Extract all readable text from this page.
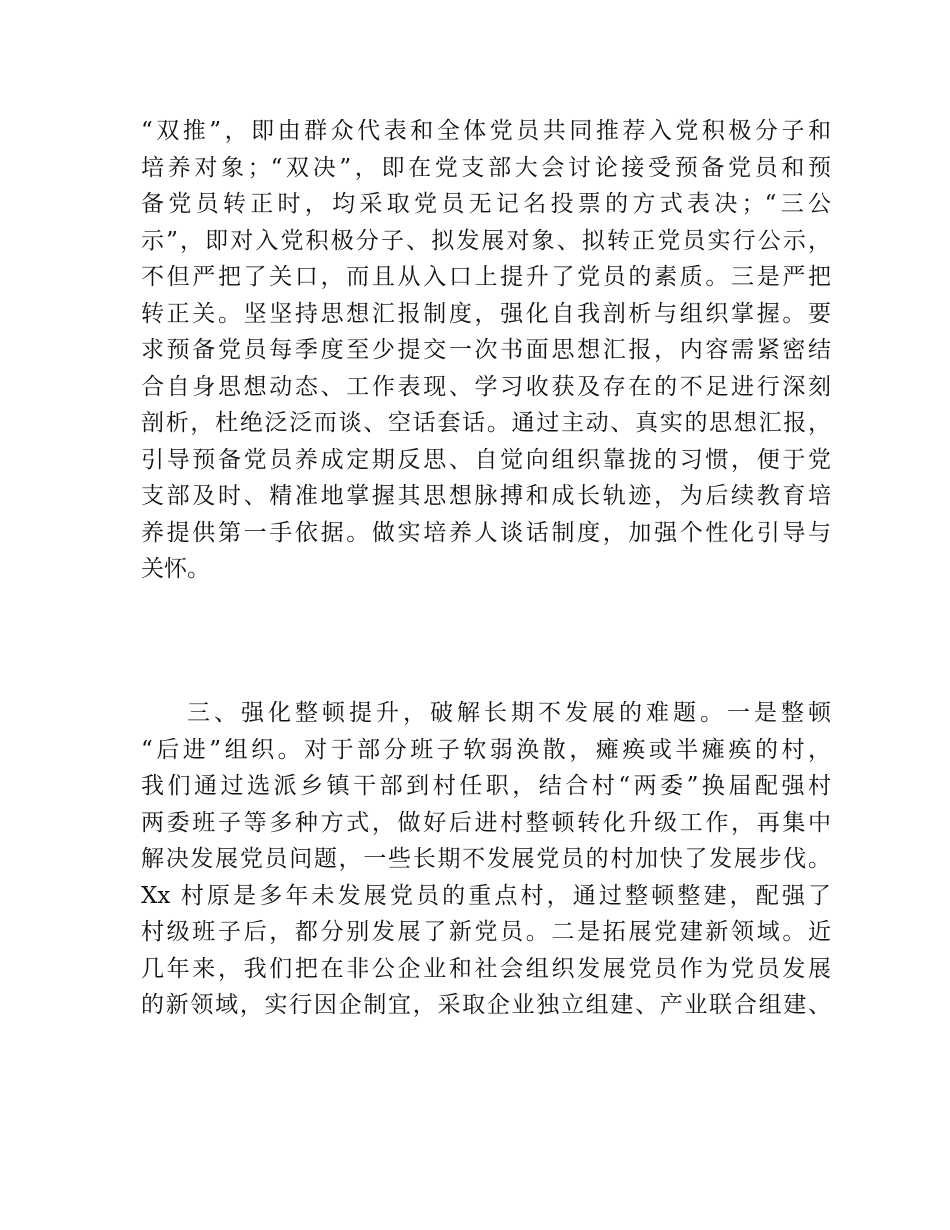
“双推”，即由群众代表和全体党员共同推荐入党积极分子和
培养对象；“双决”，即在党支部大会讨论接受预备党员和预
备党员转正时，均采取党员无记名投票的方式表决；“三公
示”，即对入党积极分子、拟发展对象、拟转正党员实行公示，
不但严把了关口，而且从入口上提升了党员的素质。三是严把
转正关。坚坚持思想汇报制度，强化自我剖析与组织掌握。要
求预备党员每季度至少提交一次书面思想汇报，内容需紧密结
合自身思想动态、工作表现、学习收获及存在的不足进行深刻
剖析，杜绝泛泛而谈、空话套话。通过主动、真实的思想汇报，
引导预备党员养成定期反思、自觉向组织靠拢的习惯，便于党
支部及时、精准地掌握其思想脉搏和成长轨迹，为后续教育培
养提供第一手依据。做实培养人谈话制度，加强个性化引导与
关怀。
三、强化整顿提升，破解长期不发展的难题。一是整顿
“后进”组织。对于部分班子软弱涣散，瘫痪或半瘫痪的村，
我们通过选派乡镇干部到村任职，结合村“两委”换届配强村
两委班子等多种方式，做好后进村整顿转化升级工作，再集中
解决发展党员问题，一些长期不发展党员的村加快了发展步伐。
Xx 村原是多年未发展党员的重点村，通过整顿整建，配强了
村级班子后，都分别发展了新党员。二是拓展党建新领域。近
几年来，我们把在非公企业和社会组织发展党员作为党员发展
的新领域，实行因企制宜，采取企业独立组建、产业联合组建、
